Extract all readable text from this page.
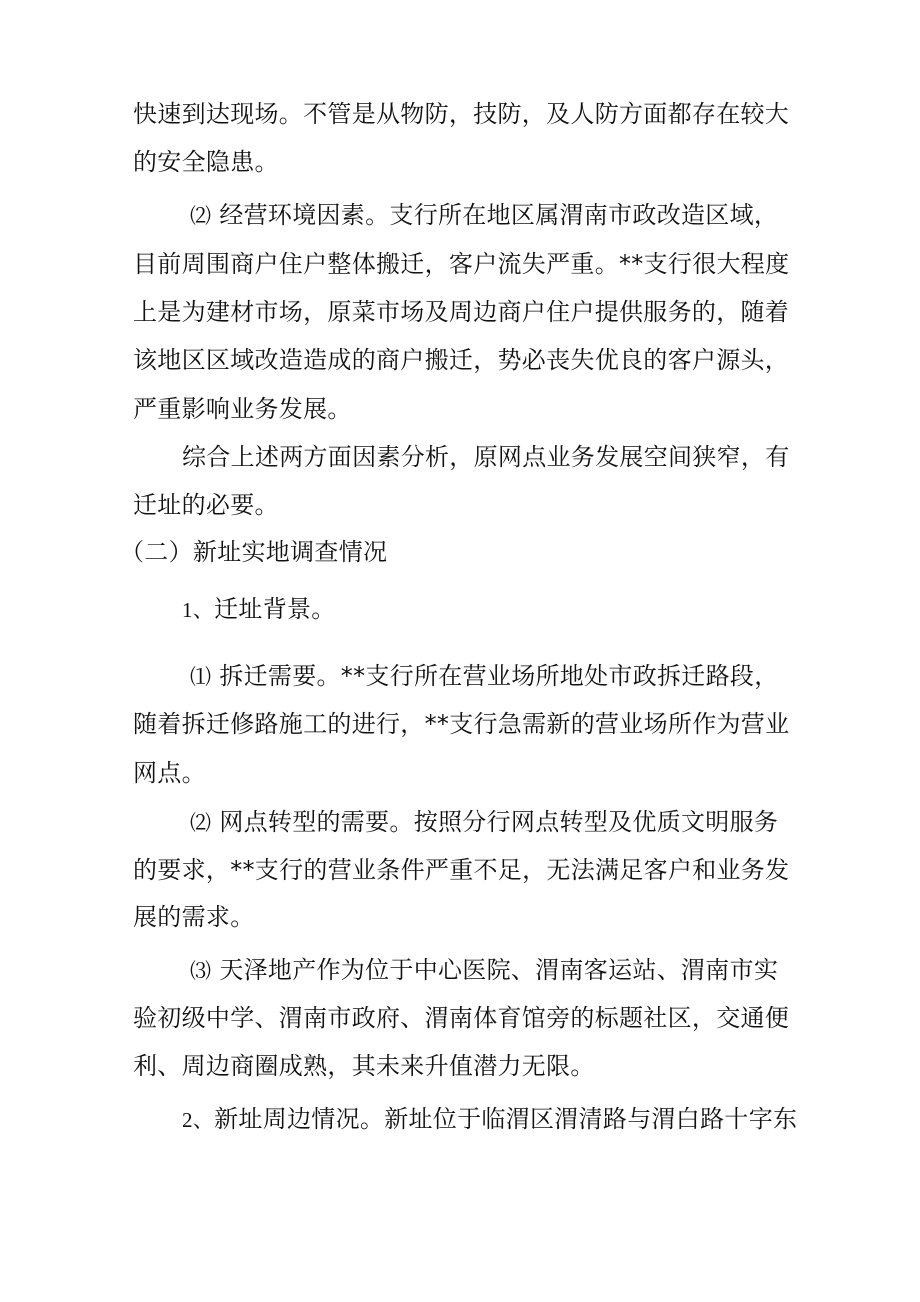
快速到达现场。不管是从物防，技防，及人防方面都存在较大
的安全隐患。
⑵ 经营环境因素。支行所在地区属渭南市政改造区域，
目前周围商户住户整体搬迁，客户流失严重。**支行很大程度
上是为建材市场，原菜市场及周边商户住户提供服务的，随着
该地区区域改造造成的商户搬迁，势必丧失优良的客户源头，
严重影响业务发展。
综合上述两方面因素分析，原网点业务发展空间狭窄，有
迁址的必要。
（二）新址实地调查情况
1、迁址背景。
⑴ 拆迁需要。**支行所在营业场所地处市政拆迁路段，
随着拆迁修路施工的进行，**支行急需新的营业场所作为营业
网点。
⑵ 网点转型的需要。按照分行网点转型及优质文明服务
的要求，**支行的营业条件严重不足，无法满足客户和业务发
展的需求。
⑶ 天泽地产作为位于中心医院、渭南客运站、渭南市实
验初级中学、渭南市政府、渭南体育馆旁的标题社区，交通便
利、周边商圈成熟，其未来升值潜力无限。
2、新址周边情况。新址位于临渭区渭清路与渭白路十字东
